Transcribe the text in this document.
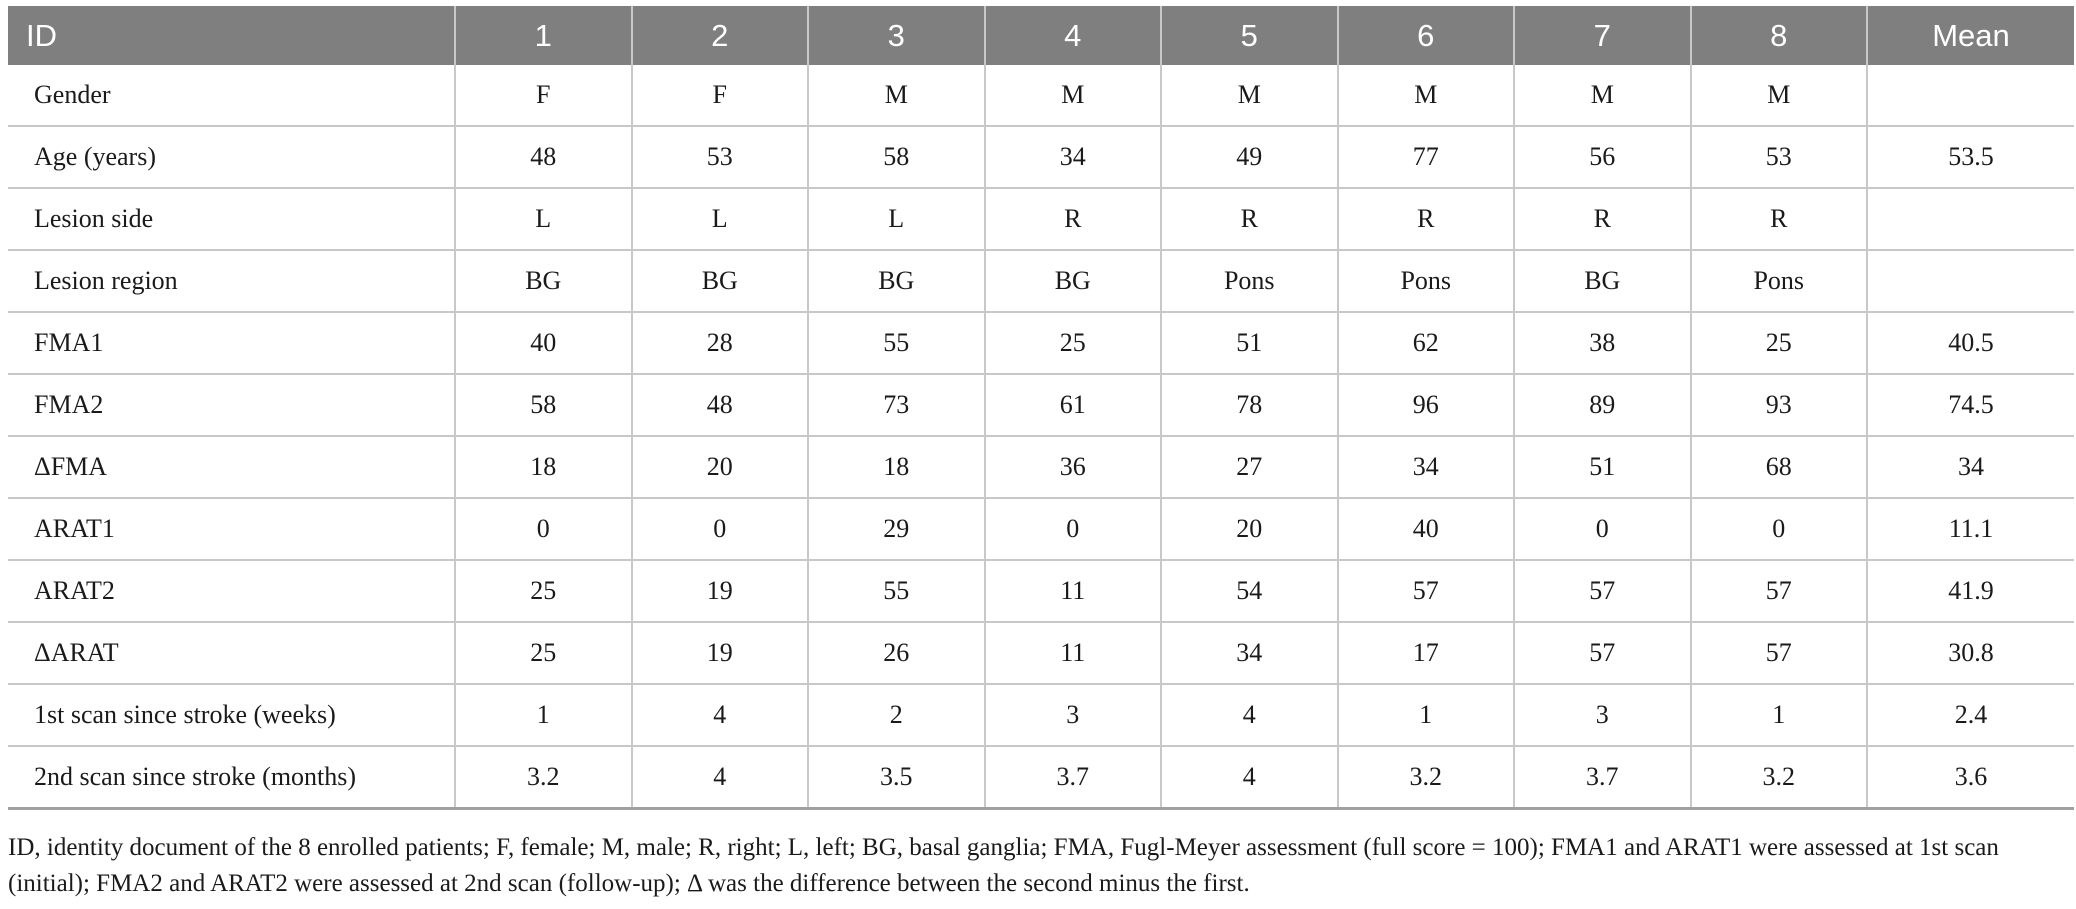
ID	1	2	3	4	5	6	7	8	Mean
Gender	F	F	M	M	M	M	M	M	
Age (years)	48	53	58	34	49	77	56	53	53.5
Lesion side	L	L	L	R	R	R	R	R	
Lesion region	BG	BG	BG	BG	Pons	Pons	BG	Pons	
FMA1	40	28	55	25	51	62	38	25	40.5
FMA2	58	48	73	61	78	96	89	93	74.5
ΔFMA	18	20	18	36	27	34	51	68	34
ARAT1	0	0	29	0	20	40	0	0	11.1
ARAT2	25	19	55	11	54	57	57	57	41.9
ΔARAT	25	19	26	11	34	17	57	57	30.8
1st scan since stroke (weeks)	1	4	2	3	4	1	3	1	2.4
2nd scan since stroke (months)	3.2	4	3.5	3.7	4	3.2	3.7	3.2	3.6
ID, identity document of the 8 enrolled patients; F, female; M, male; R, right; L, left; BG, basal ganglia; FMA, Fugl-Meyer assessment (full score = 100); FMA1 and ARAT1 were assessed at 1st scan (initial); FMA2 and ARAT2 were assessed at 2nd scan (follow-up); Δ was the difference between the second minus the first.
